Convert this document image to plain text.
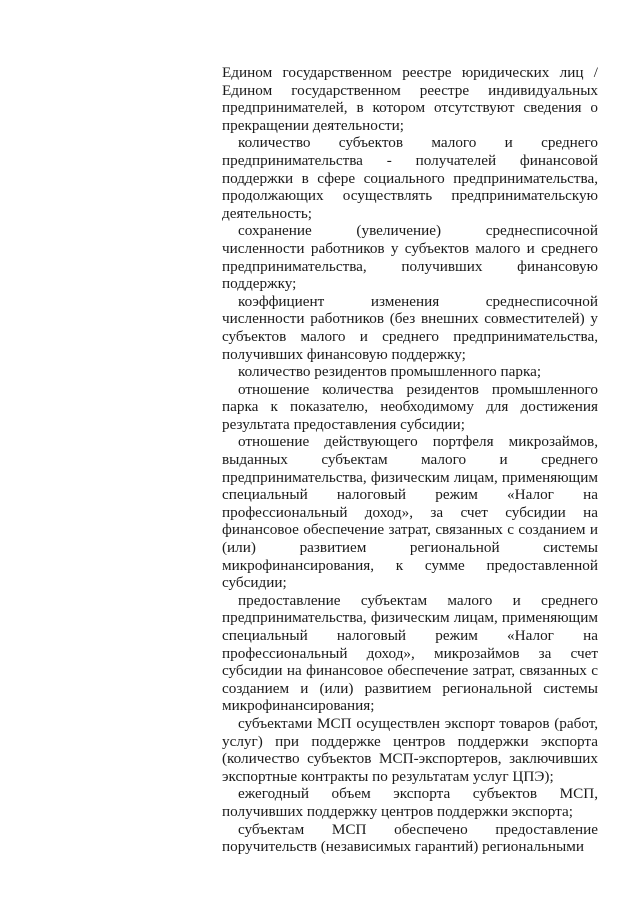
Едином государственном реестре юридических лиц / Едином государственном реестре индивидуальных предпринимателей, в котором отсутствуют сведения о прекращении деятельности;

количество субъектов малого и среднего предпринимательства - получателей финансовой поддержки в сфере социального предпринимательства, продолжающих осуществлять предпринимательскую деятельность;

сохранение (увеличение) среднесписочной численности работников у субъектов малого и среднего предпринимательства, получивших финансовую поддержку;

коэффициент изменения среднесписочной численности работников (без внешних совместителей) у субъектов малого и среднего предпринимательства, получивших финансовую поддержку;

количество резидентов промышленного парка;

отношение количества резидентов промышленного парка к показателю, необходимому для достижения результата предоставления субсидии;

отношение действующего портфеля микрозаймов, выданных субъектам малого и среднего предпринимательства, физическим лицам, применяющим специальный налоговый режим «Налог на профессиональный доход», за счет субсидии на финансовое обеспечение затрат, связанных с созданием и (или) развитием региональной системы микрофинансирования, к сумме предоставленной субсидии;

предоставление субъектам малого и среднего предпринимательства, физическим лицам, применяющим специальный налоговый режим «Налог на профессиональный доход», микрозаймов за счет субсидии на финансовое обеспечение затрат, связанных с созданием и (или) развитием региональной системы микрофинансирования;

субъектами МСП осуществлен экспорт товаров (работ, услуг) при поддержке центров поддержки экспорта (количество субъектов МСП-экспортеров, заключивших экспортные контракты по результатам услуг ЦПЭ);

ежегодный объем экспорта субъектов МСП, получивших поддержку центров поддержки экспорта;

субъектам МСП обеспечено предоставление поручительств (независимых гарантий) региональными
